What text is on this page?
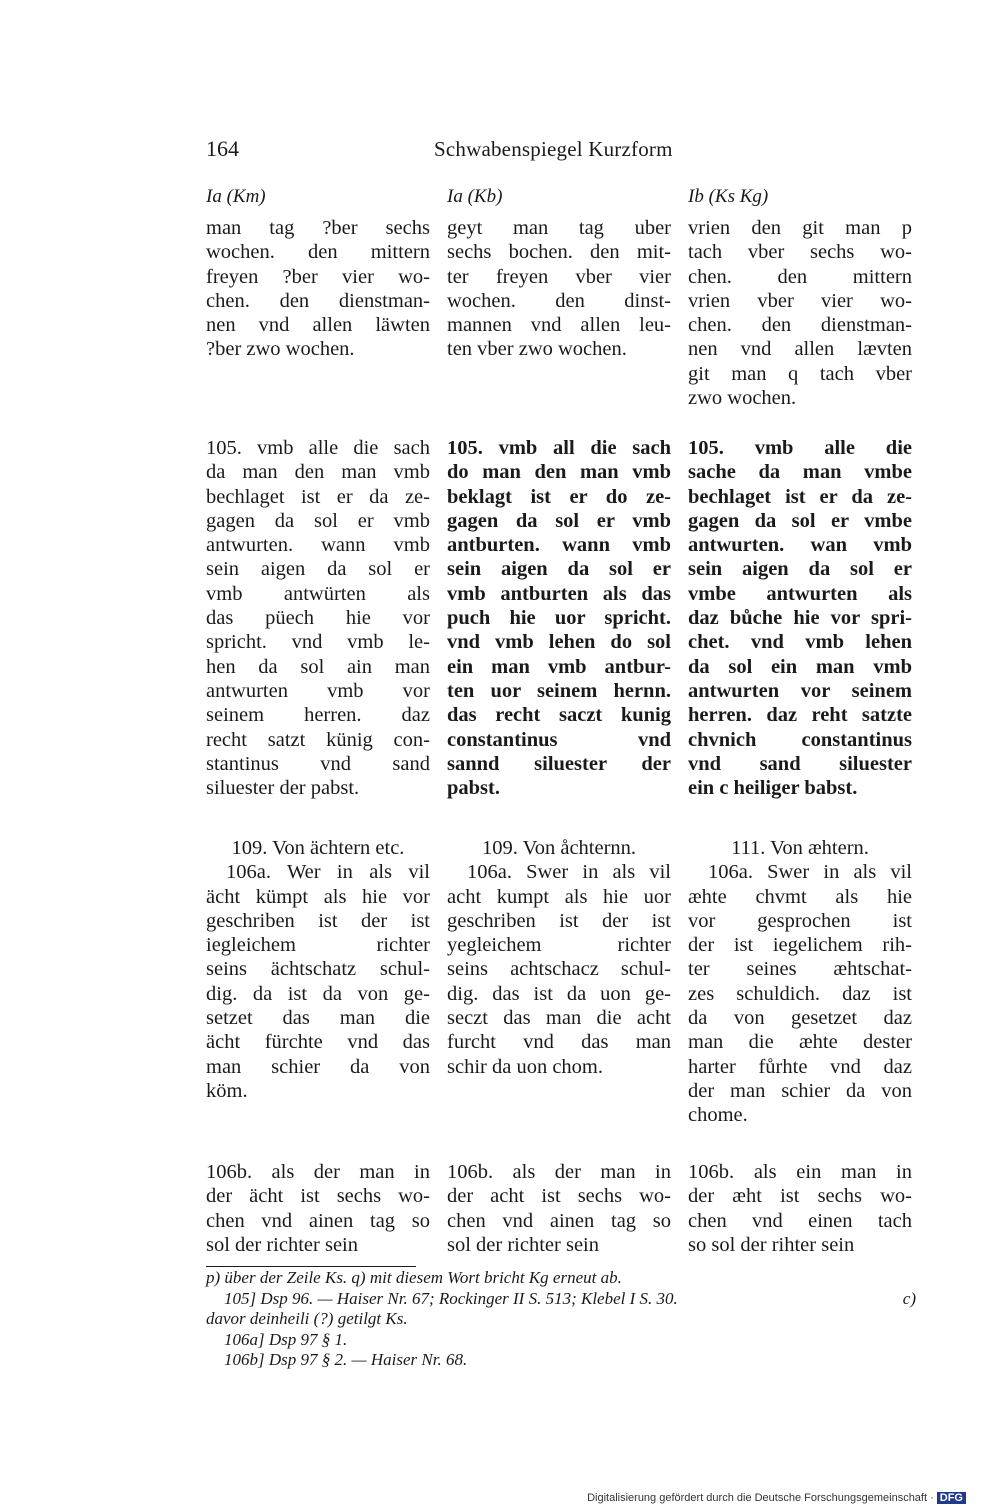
164	Schwabenspiegel Kurzform
Ia (Km)
man tag ?ber sechs
wochen. den mittern
freyen ?ber vier wo-
chen. den dienstman-
nen vnd allen läwten
?ber zwo wochen.
105. vmb alle die sach
da man den man vmb
bechlaget ist er da ze-
gagen da sol er vmb
antwurten. wann vmb
sein aigen da sol er
vmb antwürten als
das püech hie vor
spricht. vnd vmb le-
hen da sol ain man
antwurten vmb vor
seinem herren. daz
recht satzt künig con-
stantinus vnd sand
siluester der pabst.
109. Von ächtern etc.
106a. Wer in als vil
ächt kümpt als hie vor
geschriben ist der ist
iegleichem richter
seins ächtschatz schul-
dig. da ist da von ge-
setzet das man die
ächt fürchte vnd das
man schier da von
köm.
106b. als der man in
der ächt ist sechs wo-
chen vnd ainen tag so
sol der richter sein
Ia (Kb)
geyt man tag uber
sechs bochen. den mit-
ter freyen vber vier
wochen. den dinst-
mannen vnd allen leu-
ten vber zwo wochen.
105. vmb all die sach
do man den man vmb
beklagt ist er do ze-
gagen da sol er vmb
antburten. wann vmb
sein aigen da sol er
vmb antburten als das
puch hie uor spricht.
vnd vmb lehen do sol
ein man vmb antbur-
ten uor seinem hernn.
das recht saczt kunig
constantinus vnd
sannd siluester der
pabst.
109. Von åchternn.
106a. Swer in als vil
acht kumpt als hie uor
geschriben ist der ist
yegleichem richter
seins achtschacz schul-
dig. das ist da uon ge-
seczt das man die acht
furcht vnd das man
schir da uon chom.
106b. als der man in
der acht ist sechs wo-
chen vnd ainen tag so
sol der richter sein
Ib (Ks Kg)
vrien den git man p
tach vber sechs wo-
chen. den mittern
vrien vber vier wo-
chen. den dienstman-
nen vnd allen lævten
git man q tach vber
zwo wochen.
105. vmb alle die
sache da man vmbe
bechlaget ist er da ze-
gagen da sol er vmbe
antwurten. wan vmb
sein aigen da sol er
vmbe antwurten als
daz bůche hie vor spri-
chet. vnd vmb lehen
da sol ein man vmb
antwurten vor seinem
herren. daz reht satzte
chvnich constantinus
vnd sand siluester
ein c heiliger babst.
111. Von æhtern.
106a. Swer in als vil
æhte chvmt als hie
vor gesprochen ist
der ist iegelichem rih-
ter seines æhtschat-
zes schuldich. daz ist
da von gesetzet daz
man die æhte dester
harter fůrhte vnd daz
der man schier da von
chome.
106b. als ein man in
der æht ist sechs wo-
chen vnd einen tach
so sol der rihter sein
p) über der Zeile Ks. q) mit diesem Wort bricht Kg erneut ab.
105] Dsp 96. — Haiser Nr. 67; Rockinger II S. 513; Klebel I S. 30.	c)
davor deinheili (?) getilgt Ks.
106a] Dsp 97 § 1.
106b] Dsp 97 § 2. — Haiser Nr. 68.
Digitalisierung gefördert durch die Deutsche Forschungsgemeinschaft · DFG
